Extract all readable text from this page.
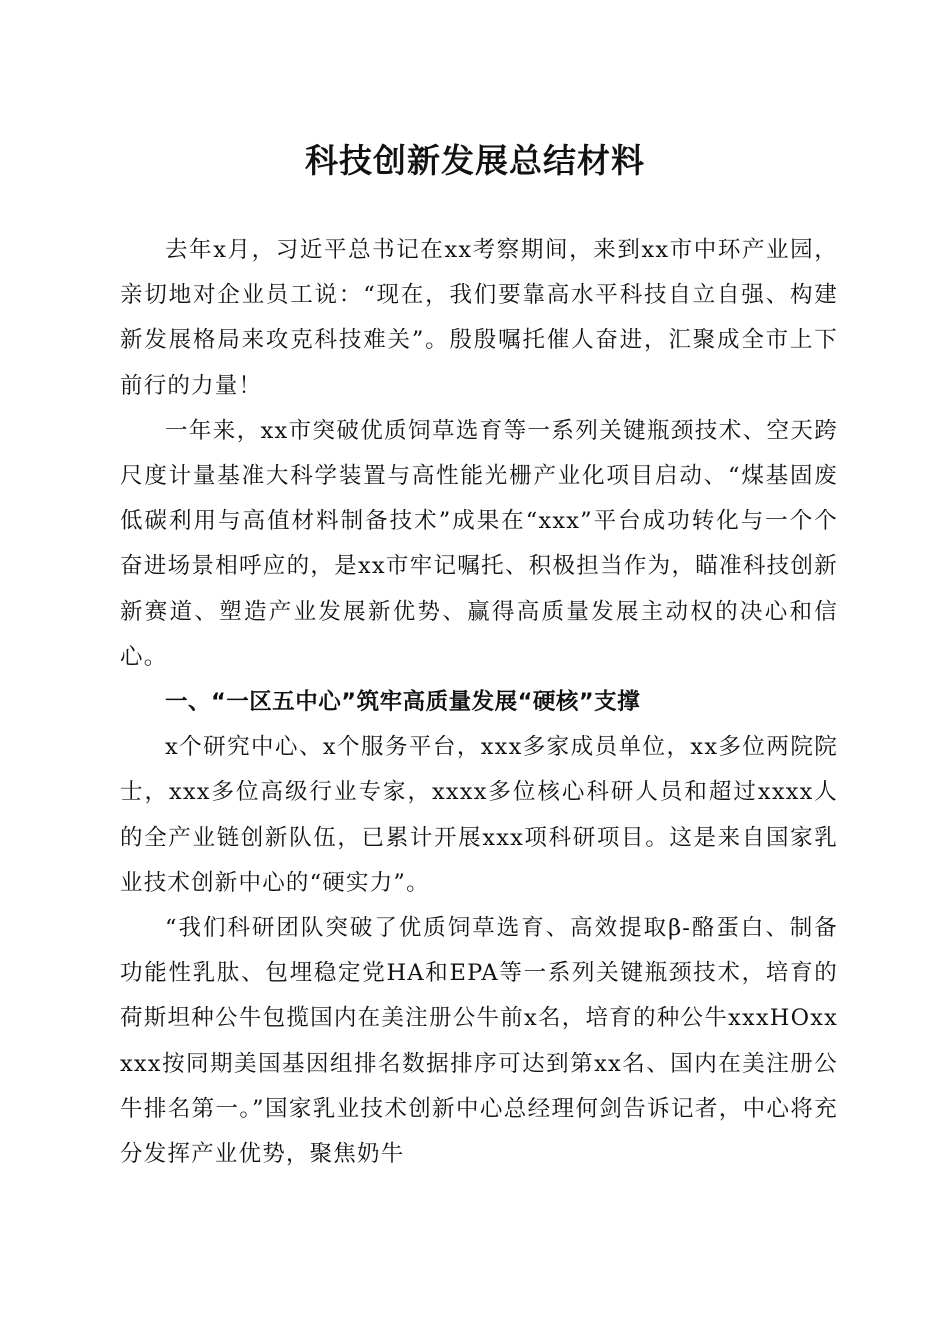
科技创新发展总结材料

去年x月，习近平总书记在xx考察期间，来到xx市中环产业园，亲切地对企业员工说：“现在，我们要靠高水平科技自立自强、构建新发展格局来攻克科技难关”。殷殷嘱托催人奋进，汇聚成全市上下前行的力量！

一年来，xx市突破优质饲草选育等一系列关键瓶颈技术、空天跨尺度计量基准大科学装置与高性能光栅产业化项目启动、“煤基固废低碳利用与高值材料制备技术”成果在“xxx”平台成功转化与一个个奋进场景相呼应的，是xx市牢记嘱托、积极担当作为，瞄准科技创新新赛道、塑造产业发展新优势、赢得高质量发展主动权的决心和信心。

一、“一区五中心”筑牢高质量发展“硬核”支撑

x个研究中心、x个服务平台，xxx多家成员单位，xx多位两院院士，xxx多位高级行业专家，xxxx多位核心科研人员和超过xxxx人的全产业链创新队伍，已累计开展xxx项科研项目。这是来自国家乳业技术创新中心的“硬实力”。

“我们科研团队突破了优质饲草选育、高效提取β-酪蛋白、制备功能性乳肽、包埋稳定党HA和EPA等一系列关键瓶颈技术，培育的荷斯坦种公牛包揽国内在美注册公牛前x名，培育的种公牛xxxHOxxxxx按同期美国基因组排名数据排序可达到第xx名、国内在美注册公牛排名第一。”国家乳业技术创新中心总经理何剑告诉记者，中心将充分发挥产业优势，聚焦奶牛
